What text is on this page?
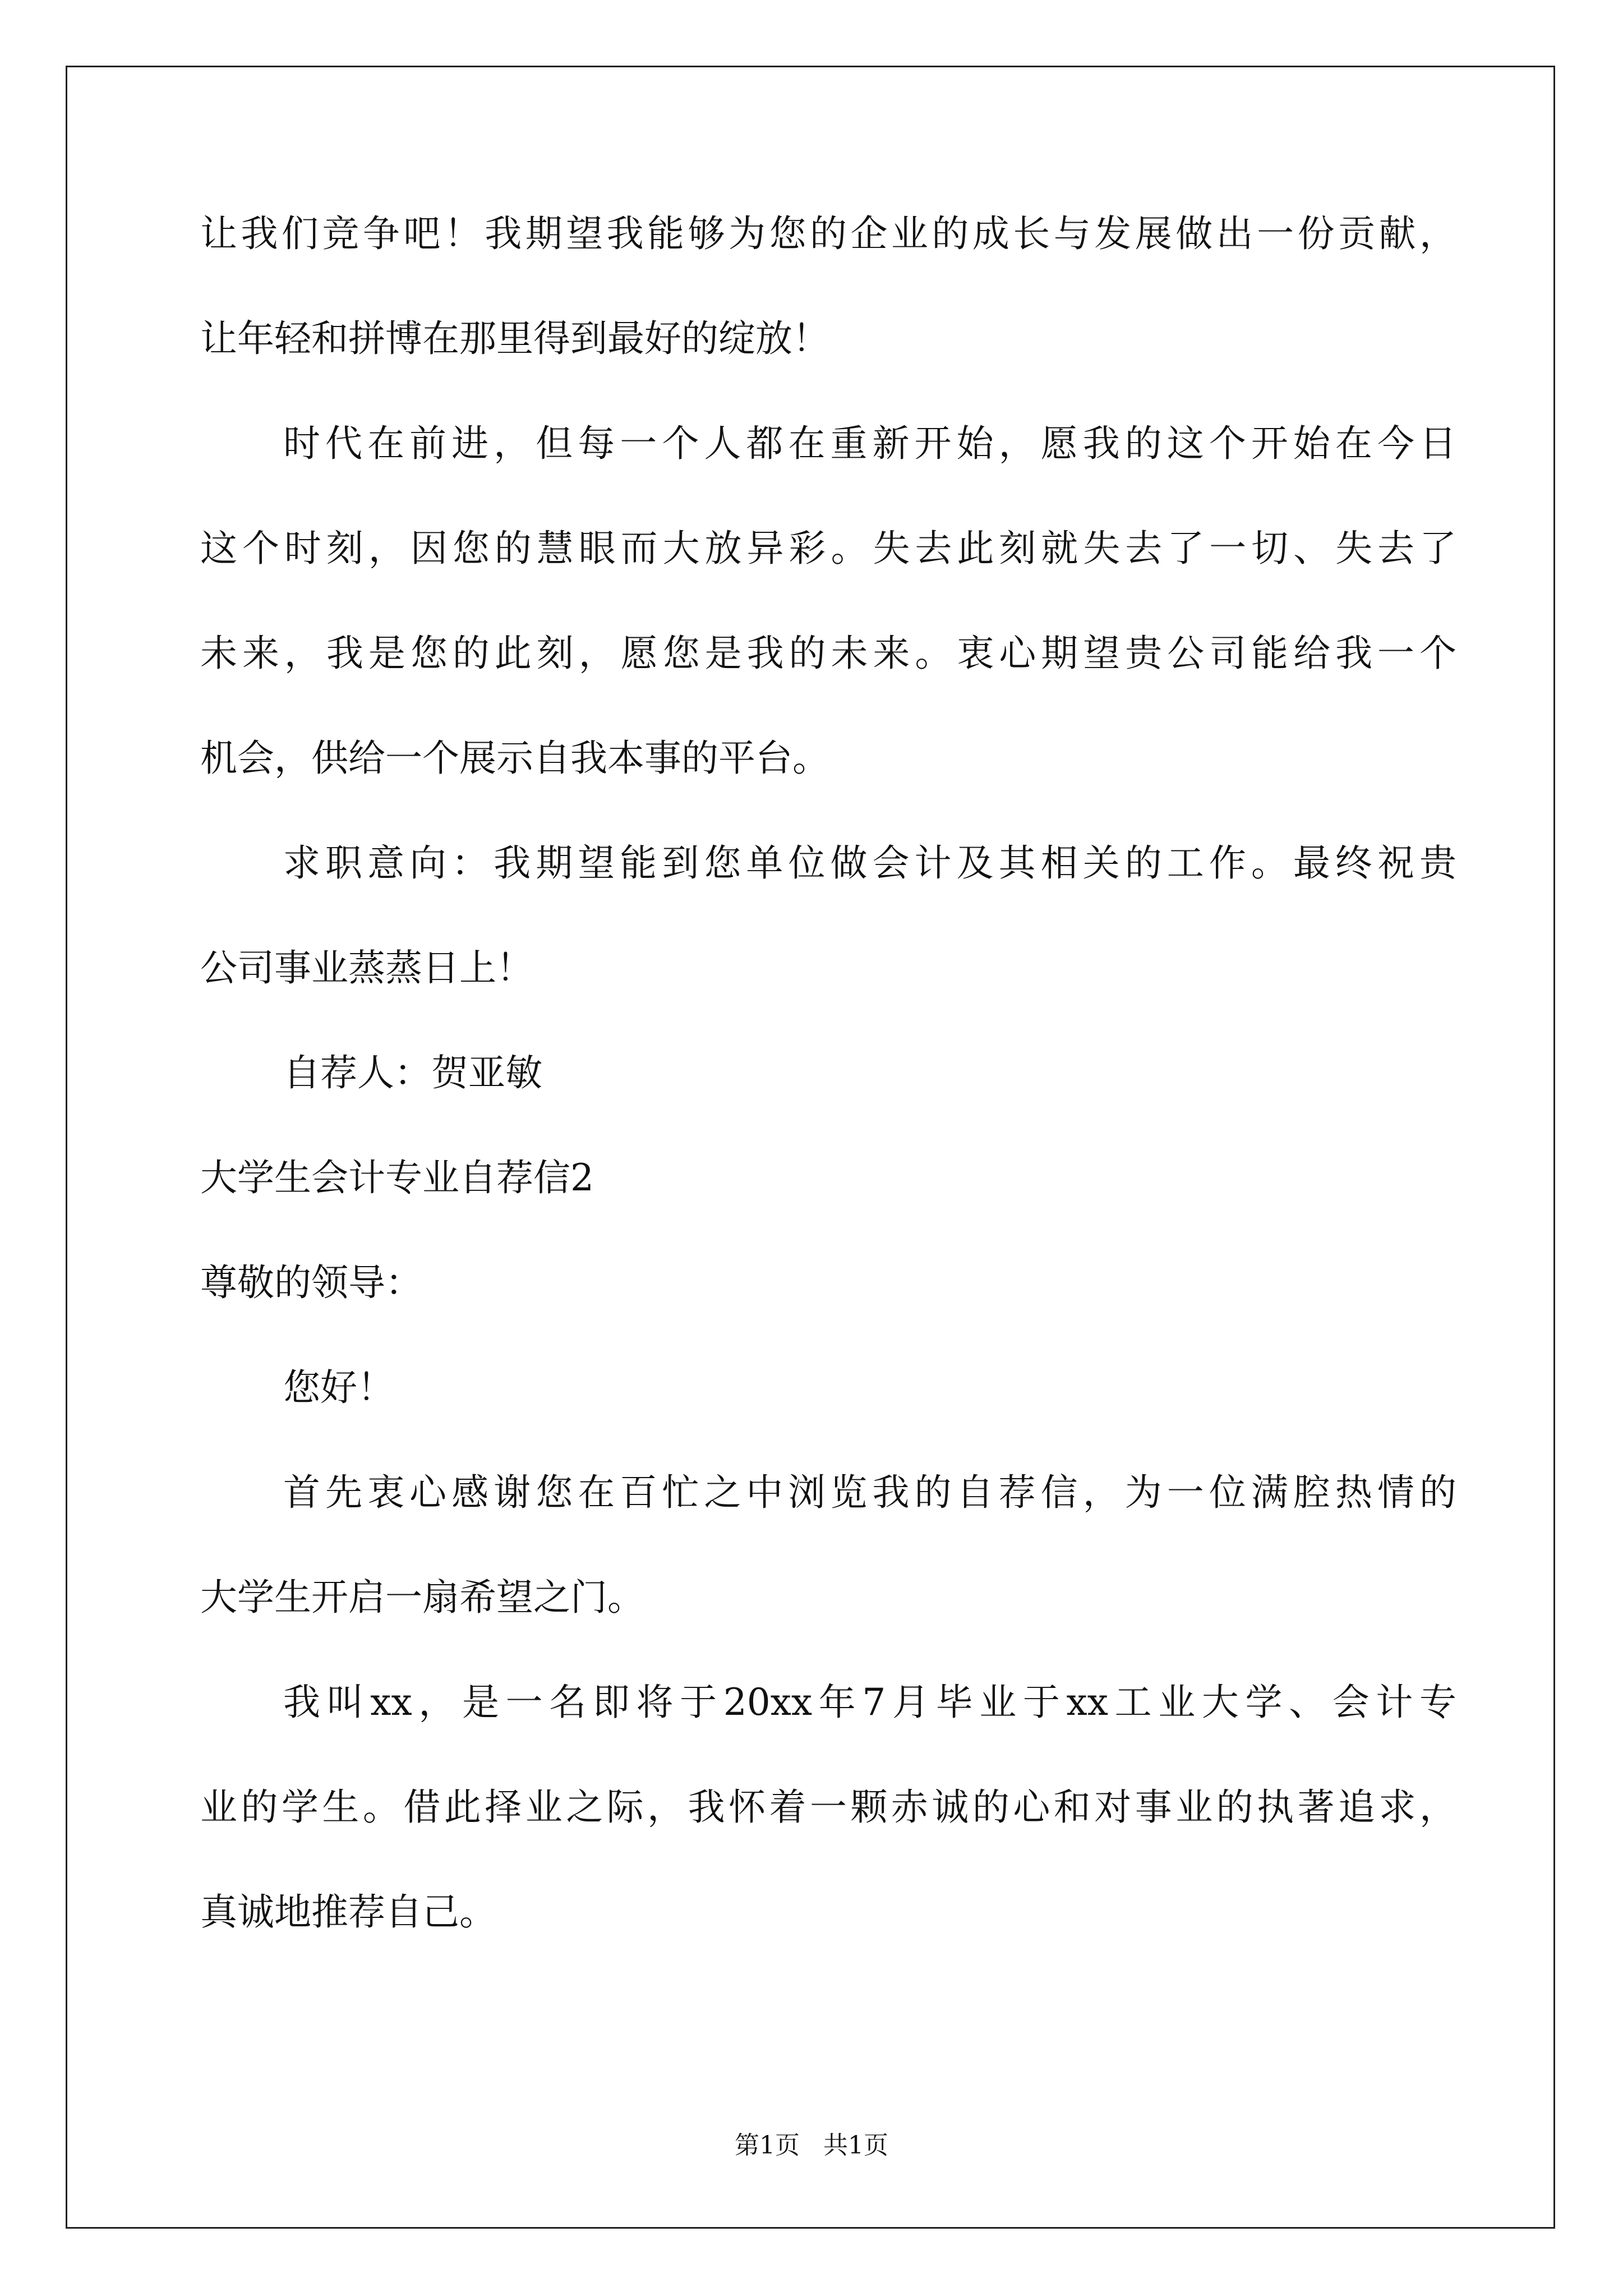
让我们竞争吧！我期望我能够为您的企业的成长与发展做出一份贡献，
让年轻和拼博在那里得到最好的绽放！
时代在前进，但每一个人都在重新开始，愿我的这个开始在今日
这个时刻，因您的慧眼而大放异彩。失去此刻就失去了一切、失去了
未来，我是您的此刻，愿您是我的未来。衷心期望贵公司能给我一个
机会，供给一个展示自我本事的平台。
求职意向：我期望能到您单位做会计及其相关的工作。最终祝贵
公司事业蒸蒸日上！
自荐人：贺亚敏
大学生会计专业自荐信2
尊敬的领导：
您好！
首先衷心感谢您在百忙之中浏览我的自荐信，为一位满腔热情的
大学生开启一扇希望之门。
我叫xx，是一名即将于20xx年7月毕业于xx工业大学、会计专
业的学生。借此择业之际，我怀着一颗赤诚的心和对事业的执著追求，
真诚地推荐自己。
第1页 共1页
